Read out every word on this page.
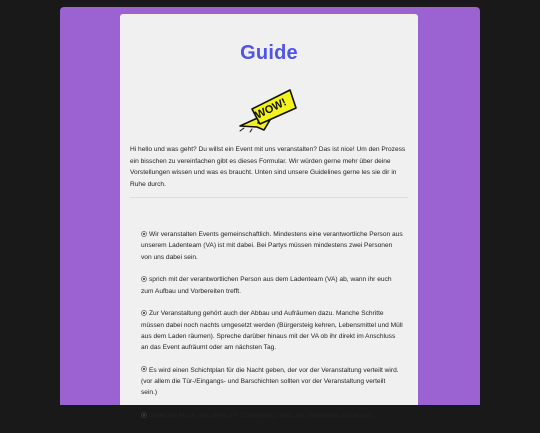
Guide
WOW!
Hi hello und was geht? Du willst ein Event mit uns veranstalten? Das ist nice! Um den Prozess ein bisschen zu vereinfachen gibt es dieses Formular. Wir würden gerne mehr über deine Vorstellungen wissen und was es braucht. Unten sind unsere Guidelines gerne les sie dir in Ruhe durch.
Wir veranstalten Events gemeinschaftlich. Mindestens eine verantwortliche Person aus unserem Ladenteam (VA) ist mit dabei. Bei Partys müssen mindestens zwei Personen von uns dabei sein.
sprich mit der verantwortlichen Person aus dem Ladenteam (VA) ab, wann ihr euch zum Aufbau und Vorbereiten trefft.
Zur Veranstaltung gehört auch der Abbau und Aufräumen dazu. Manche Schritte müssen dabei noch nachts umgesetzt werden (Bürgersteig kehren, Lebensmittel und Müll aus dem Laden räumen). Spreche darüber hinaus mit der VA ob ihr direkt im Anschluss an das Event aufräumt oder am nächsten Tag.
Es wird einen Schichtplan für die Nacht geben, der vor der Veranstaltung verteilt wird. (vor allem die Tür-/Eingangs- und Barschichten sollten vor der Veranstaltung verteilt sein.)
laute/Live Musik (vor allem mit Schlagzeug) muss um Mitternacht vorbei sein,
